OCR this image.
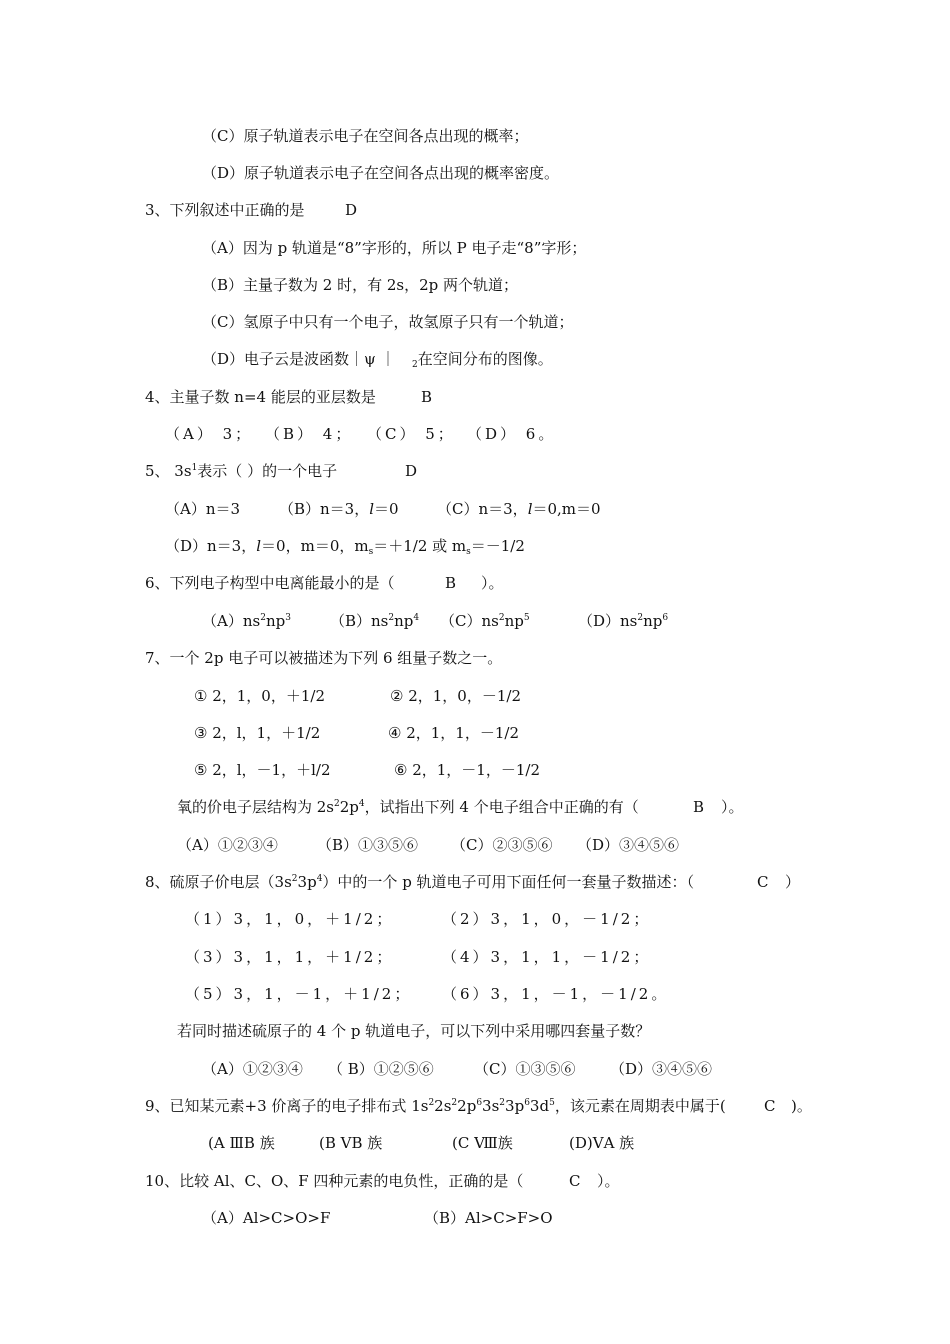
（C）原子轨道表示电子在空间各点出现的概率；
（D）原子轨道表示电子在空间各点出现的概率密度。
3、下列叙述中正确的是	D
（A）因为 p 轨道是“8”字形的，所以 P 电子走“8”字形；
（B）主量子数为 2 时，有 2s，2p 两个轨道；
（C）氢原子中只有一个电子，故氢原子只有一个轨道；
（D）电子云是波函数｜ψ ｜ $_2$在空间分布的图像。
4、主量子数 n=4 能层的亚层数是	B
（A） 3； （B） 4； （C） 5； （D） 6。
5、 $3s^1$表示（ ）的一个电子	D
（A）n＝3	（B）n＝3，l＝0	（C）n＝3，l＝0,m＝0
（D）n＝3，l＝0，m＝0，$m_s=+1/2$ 或 $m_s=-1/2$
6、下列电子构型中电离能最小的是（	B ）。
$(A)ns^2np^3$	$(B)ns^2np^4$ $(C)ns^2np^5$	$(D)ns^2np^6$
7、一个 2p 电子可以被描述为下列 6 组量子数之一。
① 2，1，0，＋1/2	② 2，1，0，－1/2
③ 2，l，1，＋1/2	④ 2，1，1，－1/2
⑤ 2，l，－1，＋l/2	⑥ 2，1，－1，－1/2
氧的价电子层结构为 $2s^22p^4$，试指出下列 4 个电子组合中正确的有（	B ）。
（A）①②③④	（B）①③⑤⑥ （C）②③⑤⑥ （D）③④⑤⑥
8、硫原子价电层$(3s^23p^4)$中的一个 p 轨道电子可用下面任何一套量子数描述：（	C ）
（1）3，1，0，＋1/2；	（2）3，1，0，－1/2；
（3）3，1，1，＋1/2；	（4）3，1，1，－1/2；
（5）3，1，－1，＋1/2； （6）3，1，－1，－1/2。
若同时描述硫原子的 4 个 p 轨道电子，可以下列中采用哪四套量子数？
（A）①②③④ （ B）①②⑤⑥	（C）①③⑤⑥ （D）③④⑤⑥
9、已知某元素+3 价离子的电子排布式 $1s^22s^22p^63s^23p^63d^5$，该元素在周期表中属于(	C )。
(A ⅢB 族	(B ⅤB 族	(C Ⅷ族	(D)ⅤA 族
10、比较 Al、C、O、F 四种元素的电负性，正确的是（	C ）。
（A）Al>C>O>F	（B）Al>C>F>O
